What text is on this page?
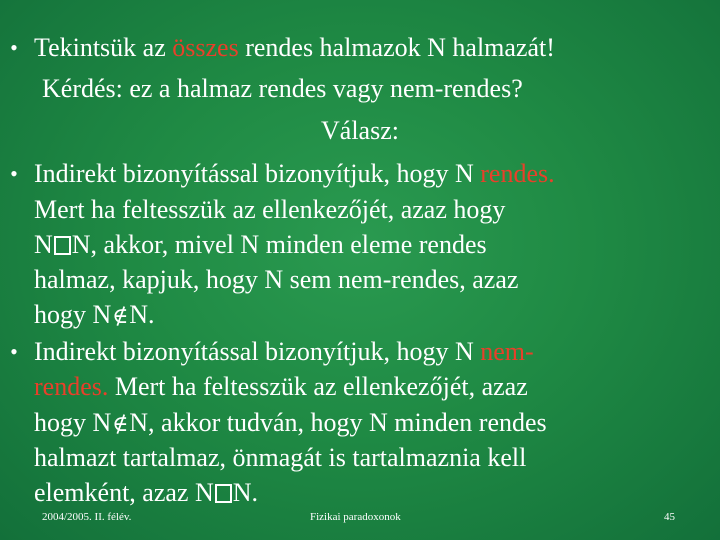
•
•
•
Tekintsük az összes rendes halmazok N halmazát!
Kérdés: ez a halmaz rendes vagy nem-rendes?
Válasz:
Indirekt bizonyítással bizonyítjuk, hogy N rendes.
Mert ha feltesszük az ellenkezőjét, azaz hogy
N N, akkor, mivel N minden eleme rendes
halmaz, kapjuk, hogy N sem nem-rendes, azaz
hogy N∉N.
Indirekt bizonyítással bizonyítjuk, hogy N nem-
rendes. Mert ha feltesszük az ellenkezőjét, azaz
hogy N∉N, akkor tudván, hogy N minden rendes
halmazt tartalmaz, önmagát is tartalmaznia kell
elemként, azaz N N.
2004/2005. II. félév.	Fizikai paradoxonok	45
